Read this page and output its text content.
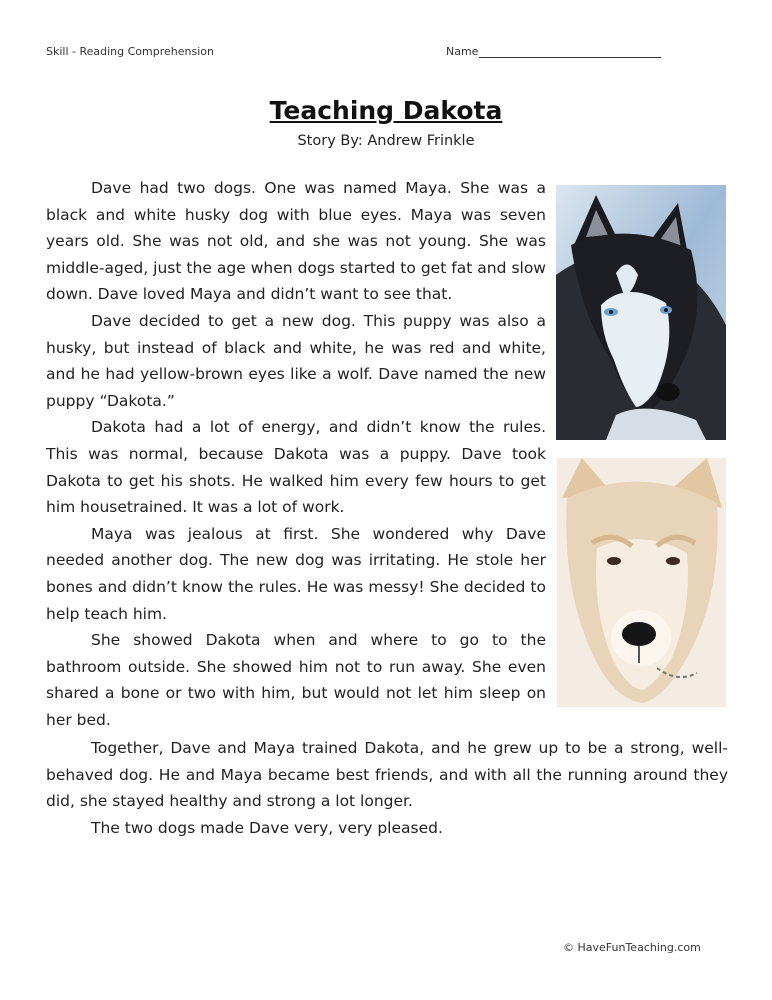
Skill - Reading Comprehension	Name
Teaching Dakota
Story By: Andrew Frinkle

Dave had two dogs. One was named Maya. She was a black and white husky dog with blue eyes. Maya was seven years old. She was not old, and she was not young. She was middle-aged, just the age when dogs started to get fat and slow down. Dave loved Maya and didn’t want to see that.

Dave decided to get a new dog. This puppy was also a husky, but instead of black and white, he was red and white, and he had yellow-brown eyes like a wolf. Dave named the new puppy “Dakota.”

Dakota had a lot of energy, and didn’t know the rules. This was normal, because Dakota was a puppy. Dave took Dakota to get his shots. He walked him every few hours to get him housetrained. It was a lot of work.

Maya was jealous at first. She wondered why Dave needed another dog. The new dog was irritating. He stole her bones and didn’t know the rules. He was messy! She decided to help teach him.

She showed Dakota when and where to go to the bathroom outside. She showed him not to run away. She even shared a bone or two with him, but would not let him sleep on her bed.

Together, Dave and Maya trained Dakota, and he grew up to be a strong, well-behaved dog. He and Maya became best friends, and with all the running around they did, she stayed healthy and strong a lot longer.

The two dogs made Dave very, very pleased.

© HaveFunTeaching.com
